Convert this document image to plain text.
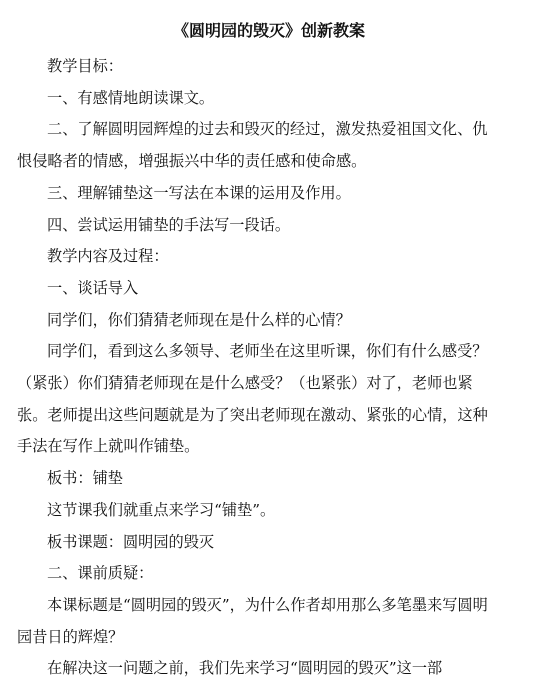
《圆明园的毁灭》创新教案

教学目标：

一、有感情地朗读课文。

二、了解圆明园辉煌的过去和毁灭的经过，激发热爱祖国文化、仇恨侵略者的情感，增强振兴中华的责任感和使命感。

三、理解铺垫这一写法在本课的运用及作用。

四、尝试运用铺垫的手法写一段话。

教学内容及过程：

一、谈话导入

同学们，你们猜猜老师现在是什么样的心情？

同学们，看到这么多领导、老师坐在这里听课，你们有什么感受？（紧张）你们猜猜老师现在是什么感受？（也紧张）对了，老师也紧张。老师提出这些问题就是为了突出老师现在激动、紧张的心情，这种手法在写作上就叫作铺垫。

板书：铺垫

这节课我们就重点来学习“铺垫”。

板书课题：圆明园的毁灭

二、课前质疑：

本课标题是“圆明园的毁灭”，为什么作者却用那么多笔墨来写圆明园昔日的辉煌？

在解决这一问题之前，我们先来学习“圆明园的毁灭”这一部
